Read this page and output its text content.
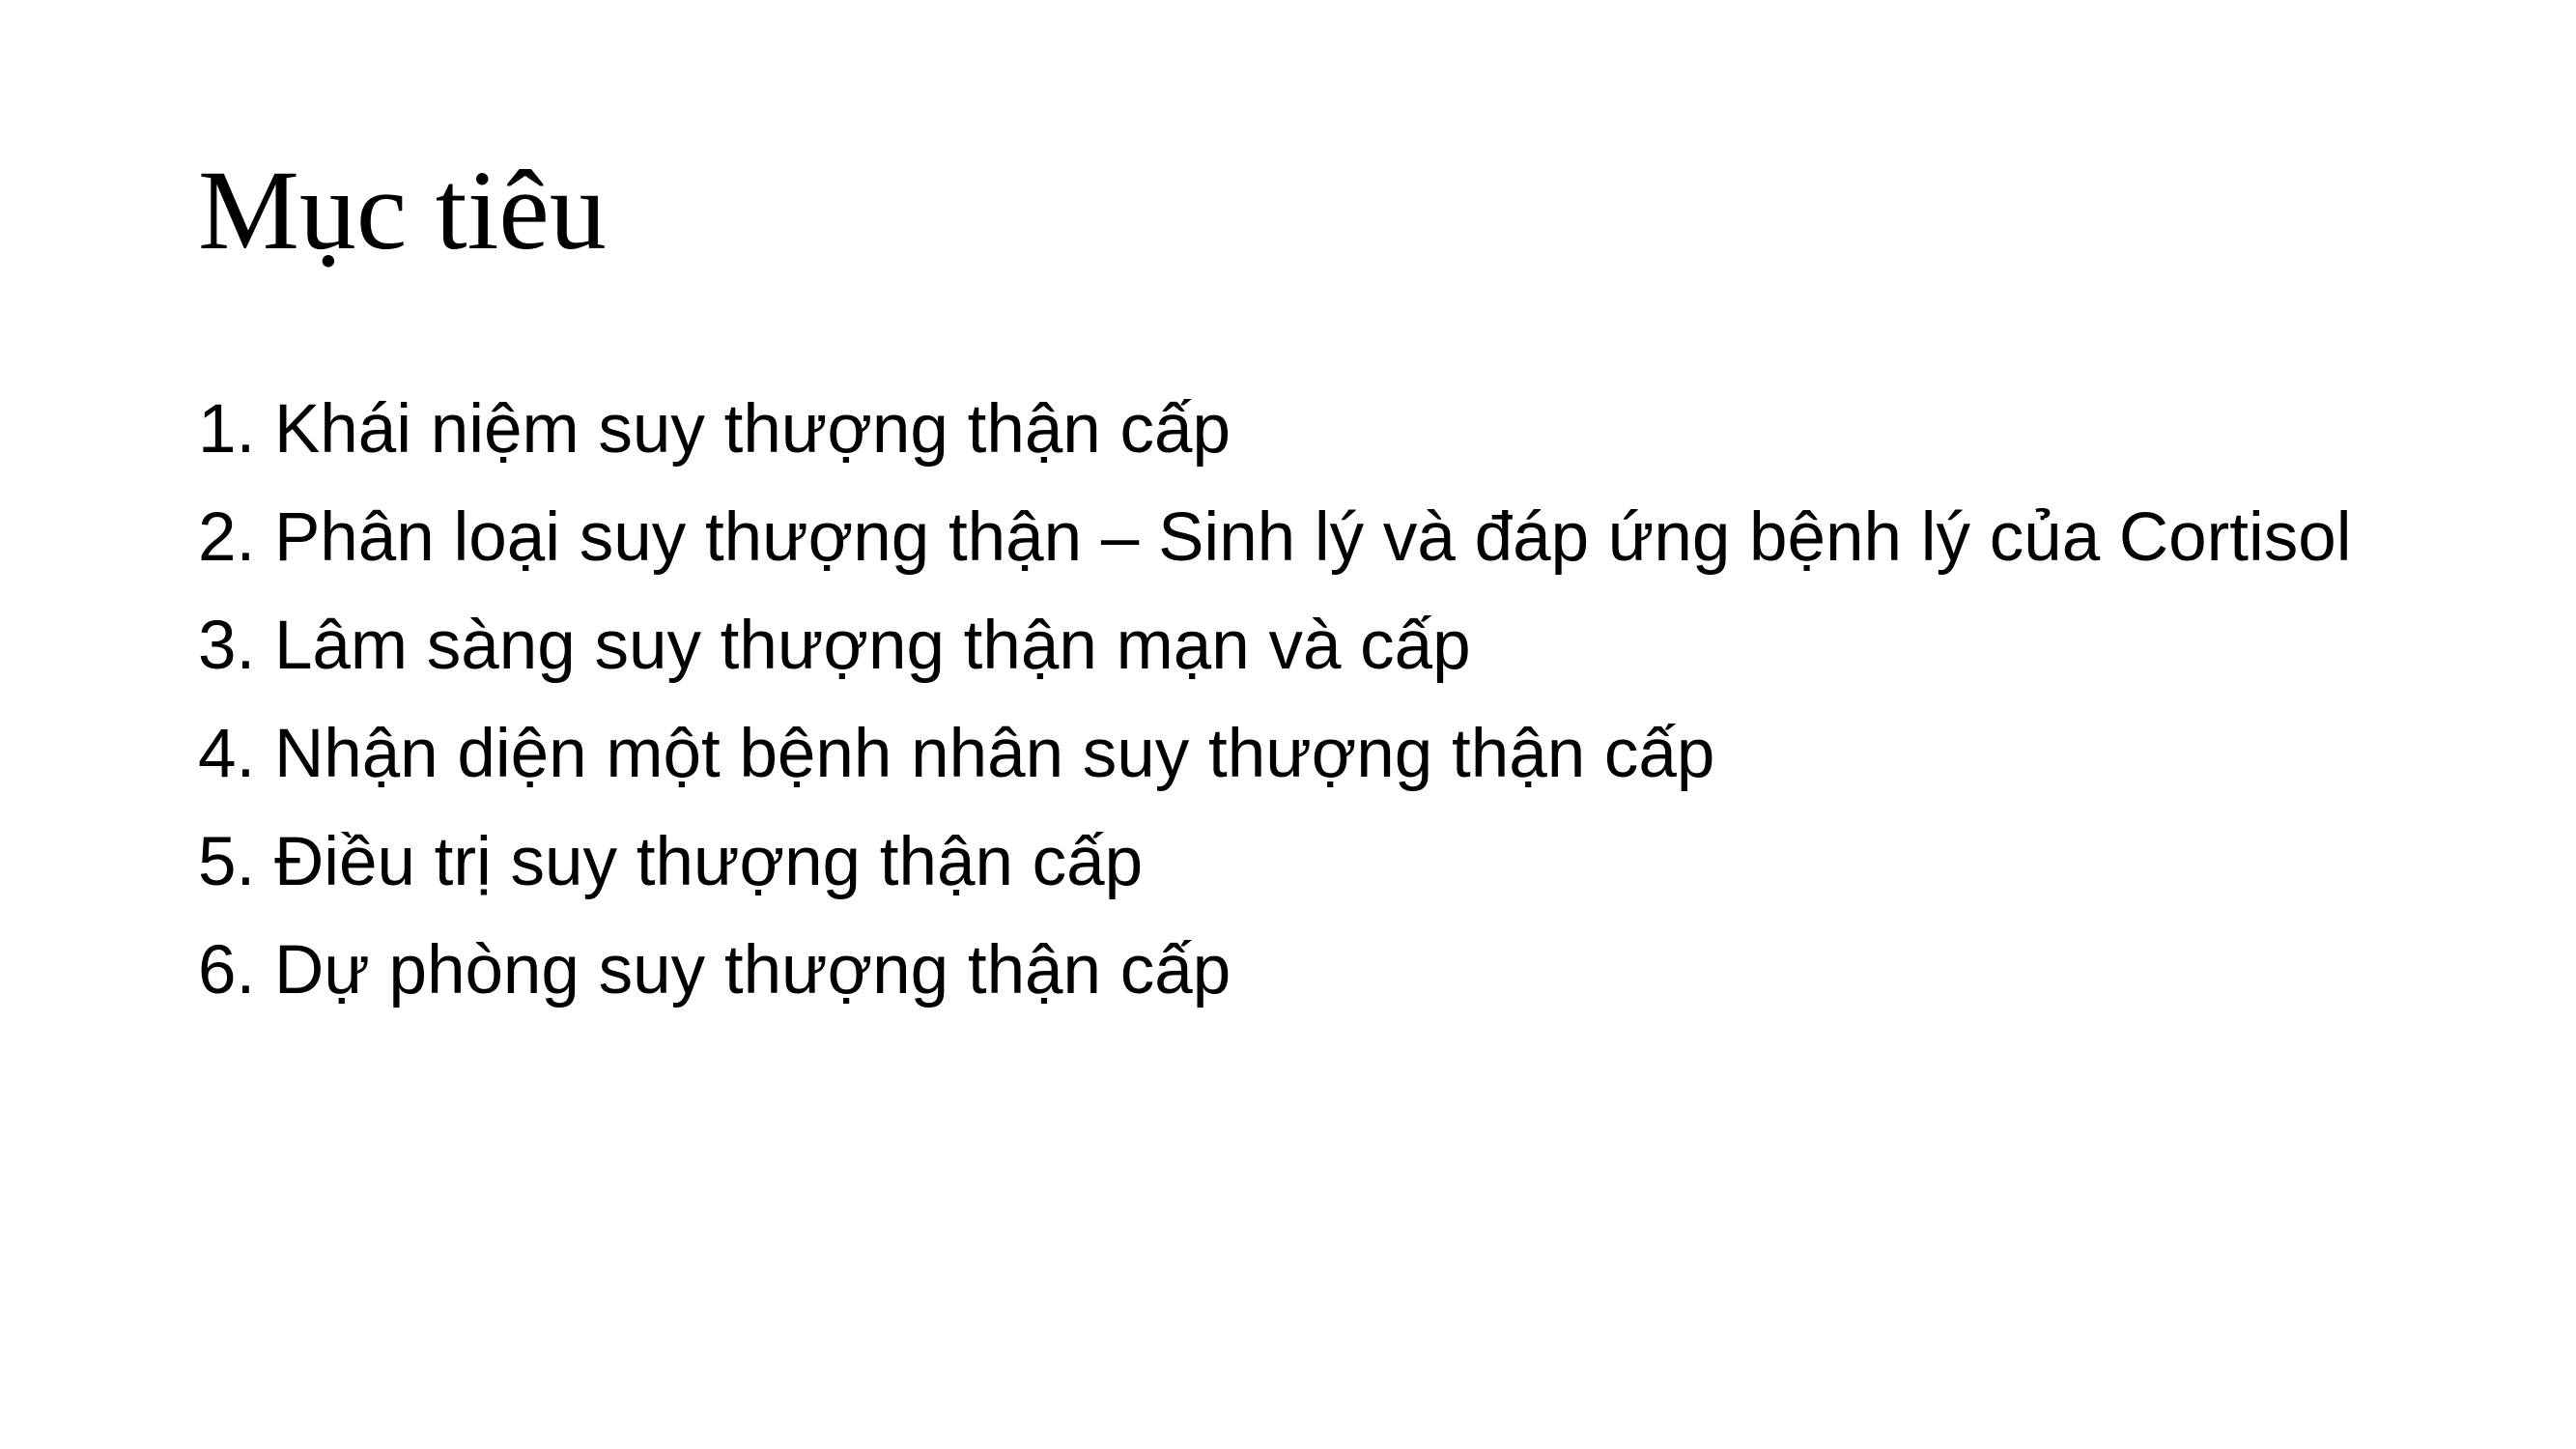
Mục tiêu
1. Khái niệm suy thượng thận cấp
2. Phân loại suy thượng thận – Sinh lý và đáp ứng bệnh lý của Cortisol
3. Lâm sàng suy thượng thận mạn và cấp
4. Nhận diện một bệnh nhân suy thượng thận cấp
5. Điều trị suy thượng thận cấp
6. Dự phòng suy thượng thận cấp
